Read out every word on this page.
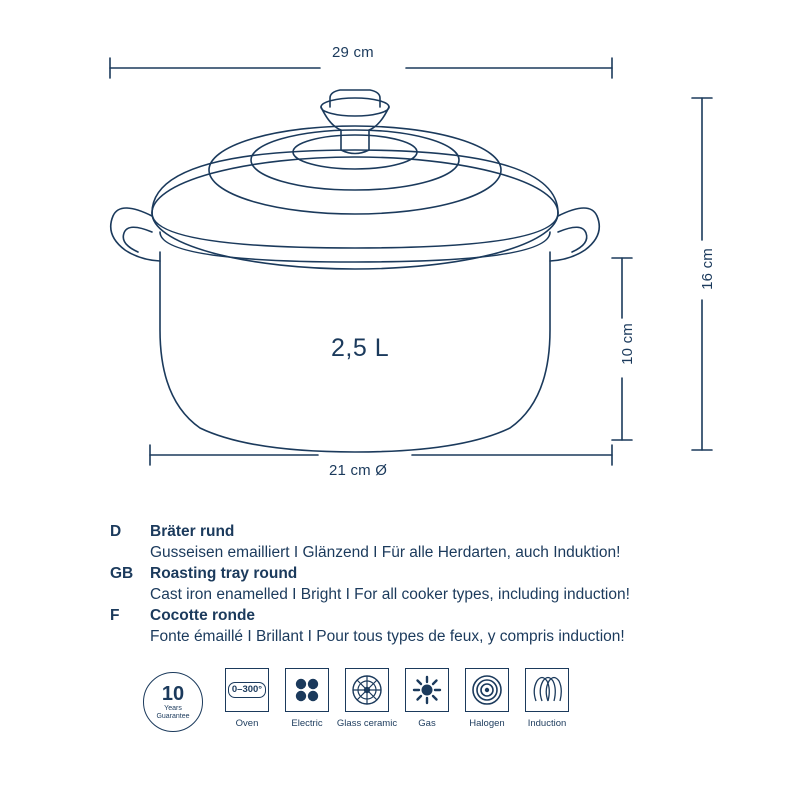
29 cm
21 cm Ø
16 cm
10 cm
2,5 L
D	Bräter rund
Gusseisen emailliert I Glänzend I Für alle Herdarten, auch Induktion!
GB	Roasting tray round
Cast iron enamelled I Bright I For all cooker types, including induction!
F	Cocotte ronde
Fonte émaillé I Brillant I Pour tous types de feux, y compris induction!
10
Years
Guarantee
0–300°
Oven	Electric Glass ceramic Gas	Halogen Induction
